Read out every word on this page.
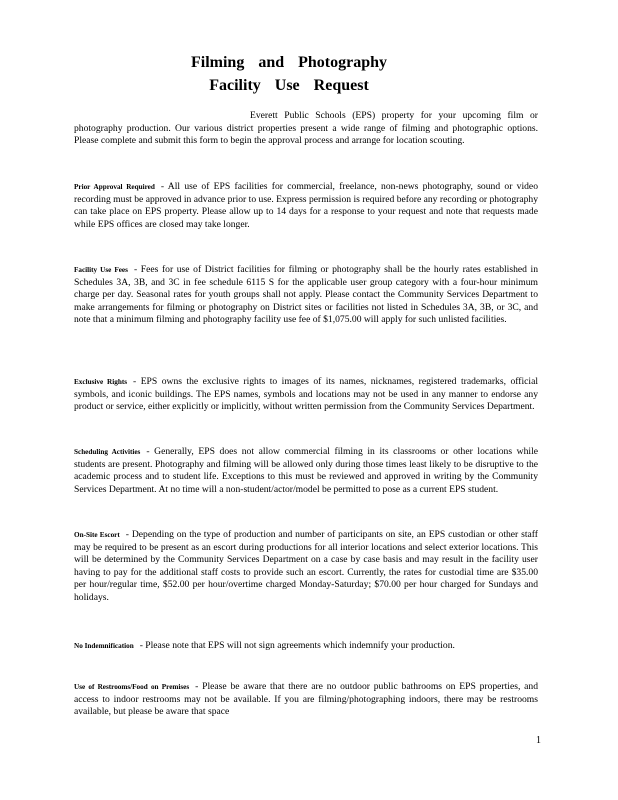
Filming and Photography
Facility Use Request

Everett Public Schools (EPS) property for your upcoming film or photography production. Our various district properties present a wide range of filming and photographic options. Please complete and submit this form to begin the approval process and arrange for location scouting.

Prior Approval Required - All use of EPS facilities for commercial, freelance, non-news photography, sound or video recording must be approved in advance prior to use. Express permission is required before any recording or photography can take place on EPS property. Please allow up to 14 days for a response to your request and note that requests made while EPS offices are closed may take longer.

Facility Use Fees - Fees for use of District facilities for filming or photography shall be the hourly rates established in Schedules 3A, 3B, and 3C in fee schedule 6115 S for the applicable user group category with a four-hour minimum charge per day. Seasonal rates for youth groups shall not apply. Please contact the Community Services Department to make arrangements for filming or photography on District sites or facilities not listed in Schedules 3A, 3B, or 3C, and note that a minimum filming and photography facility use fee of $1,075.00 will apply for such unlisted facilities.

Exclusive Rights - EPS owns the exclusive rights to images of its names, nicknames, registered trademarks, official symbols, and iconic buildings. The EPS names, symbols and locations may not be used in any manner to endorse any product or service, either explicitly or implicitly, without written permission from the Community Services Department.

Scheduling Activities - Generally, EPS does not allow commercial filming in its classrooms or other locations while students are present. Photography and filming will be allowed only during those times least likely to be disruptive to the academic process and to student life. Exceptions to this must be reviewed and approved in writing by the Community Services Department. At no time will a non-student/actor/model be permitted to pose as a current EPS student.

On-Site Escort - Depending on the type of production and number of participants on site, an EPS custodian or other staff may be required to be present as an escort during productions for all interior locations and select exterior locations. This will be determined by the Community Services Department on a case by case basis and may result in the facility user having to pay for the additional staff costs to provide such an escort. Currently, the rates for custodial time are $35.00 per hour/regular time, $52.00 per hour/overtime charged Monday-Saturday; $70.00 per hour charged for Sundays and holidays.

No Indemnification - Please note that EPS will not sign agreements which indemnify your production.

Use of Restrooms/Food on Premises - Please be aware that there are no outdoor public bathrooms on EPS properties, and access to indoor restrooms may not be available. If you are filming/photographing indoors, there may be restrooms available, but please be aware that space

1
